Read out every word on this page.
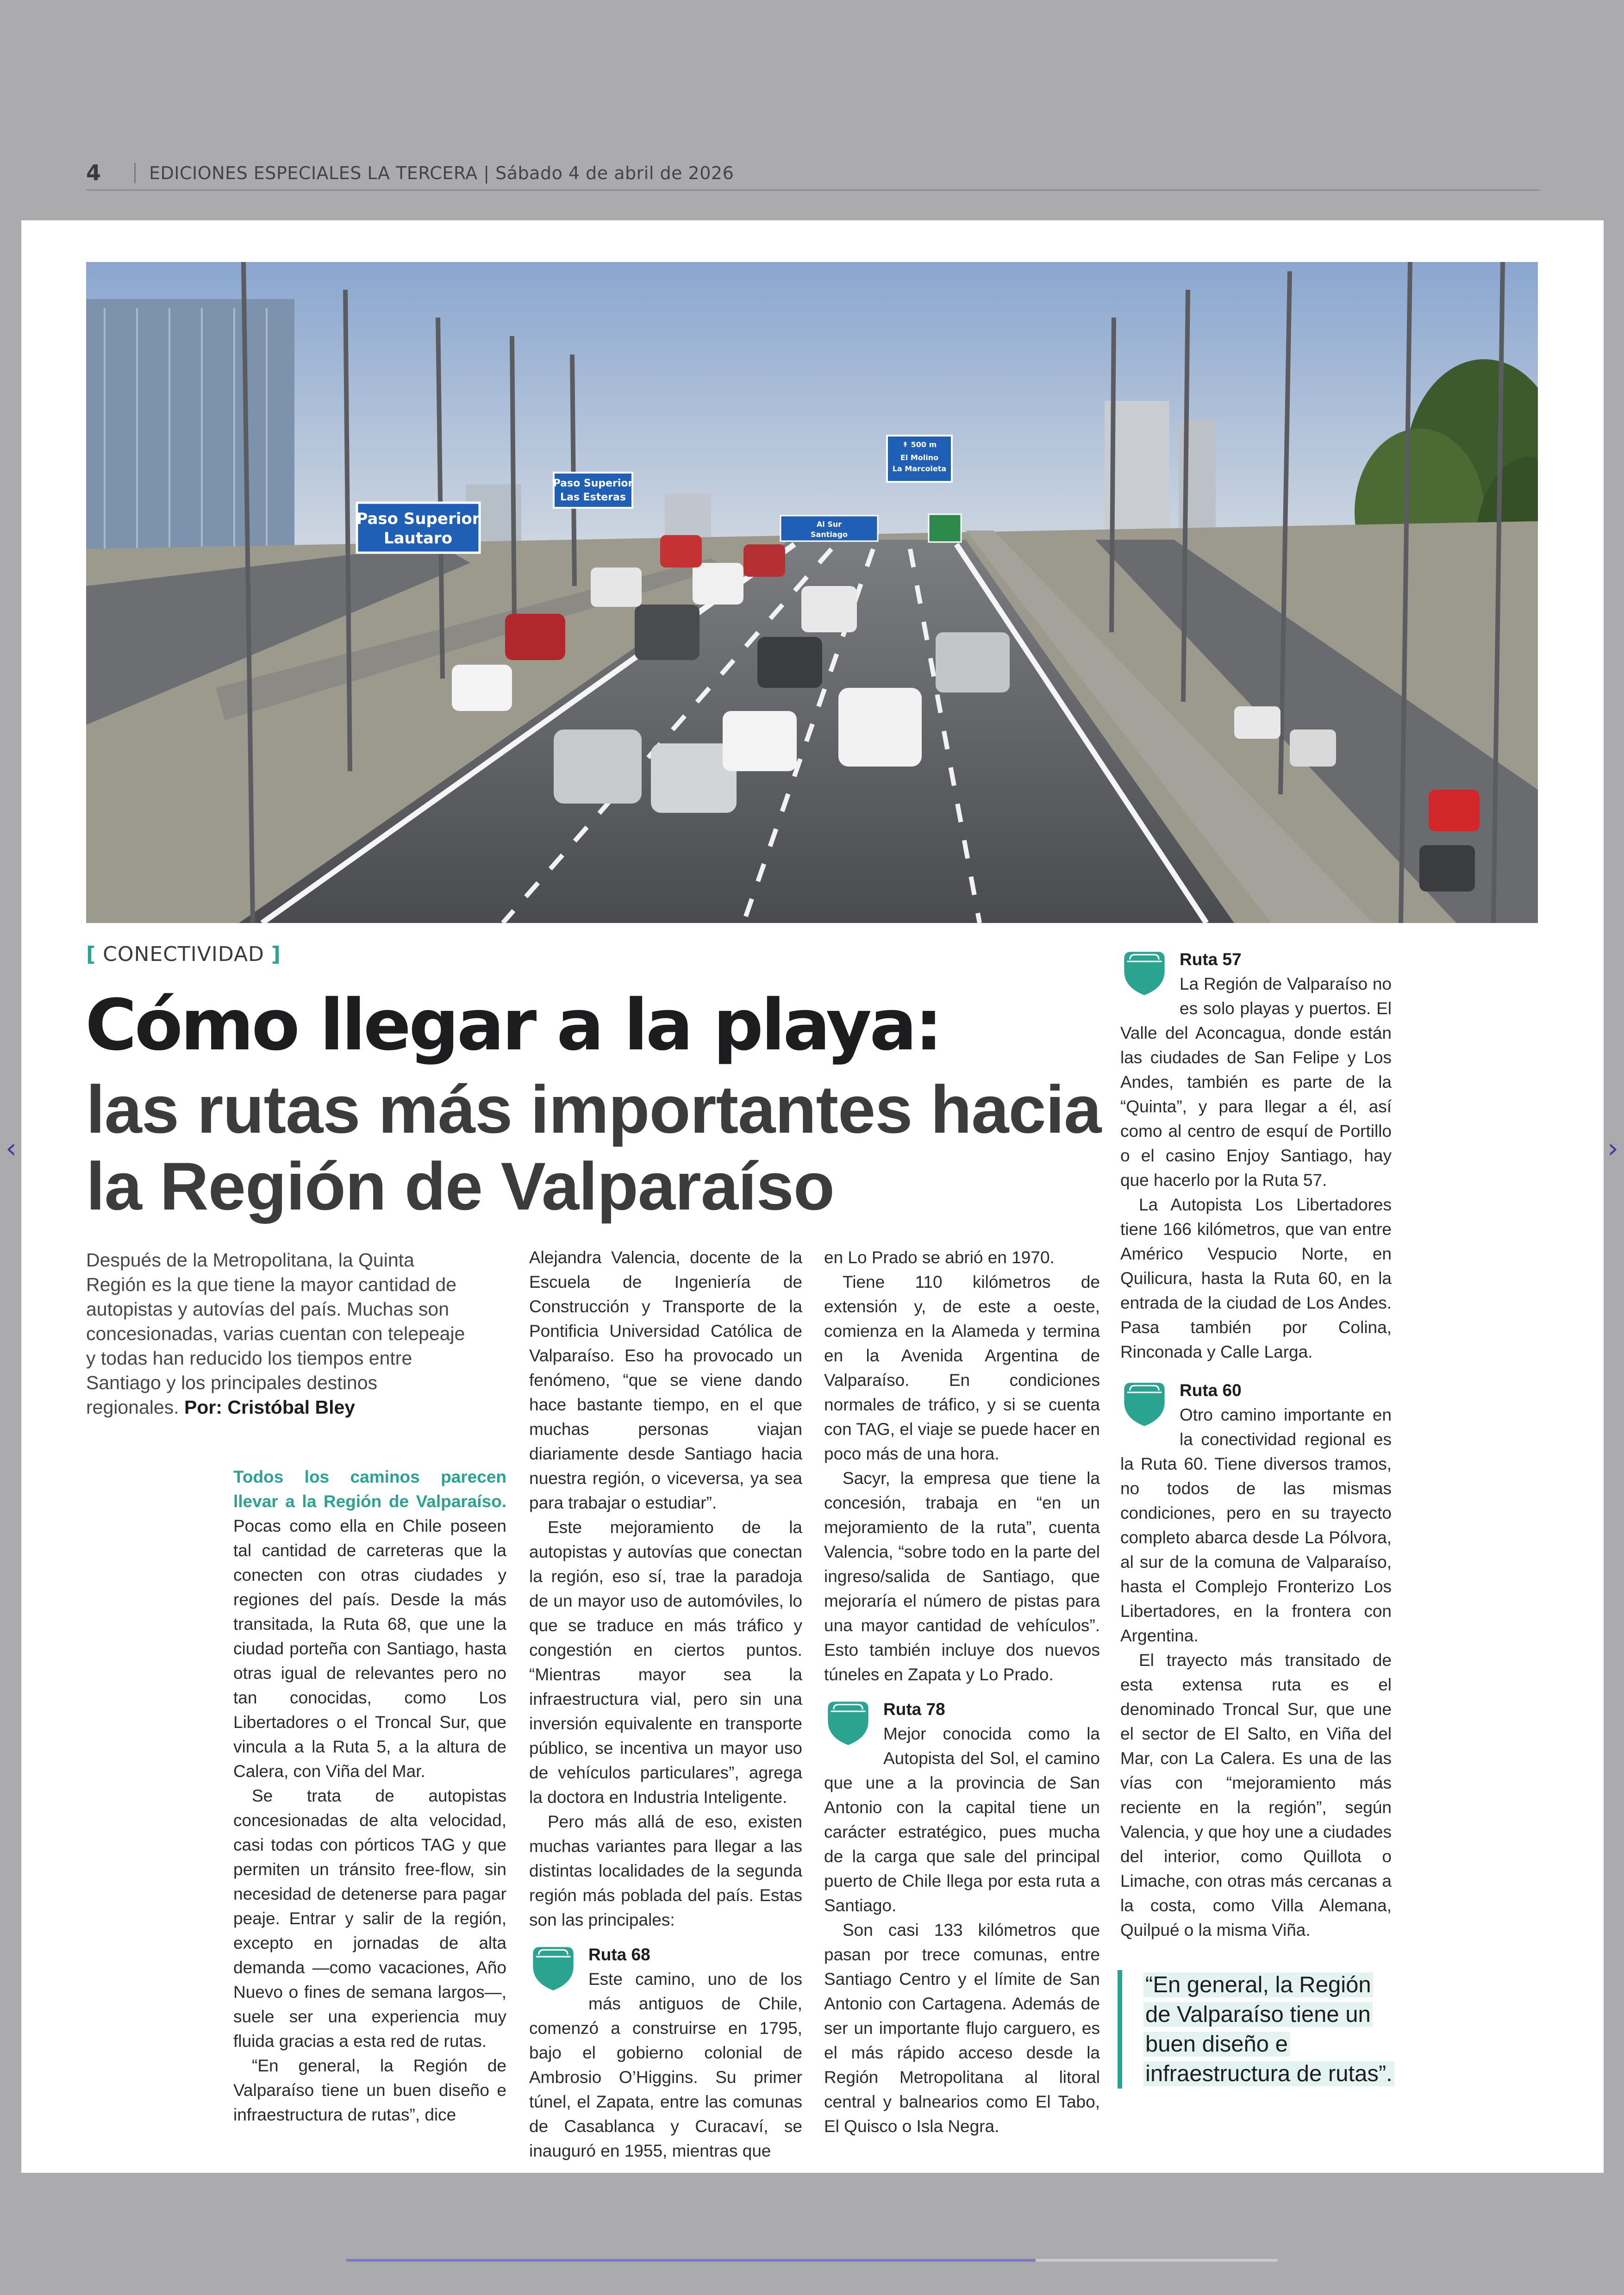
4	EDICIONES ESPECIALES LA TERCERA | Sábado 4 de abril de 2026
‹	›
Paso Superior
Lautaro
Paso Superior
Las Esteras
↟ 500 m
El Molino
La Marcoleta
Al Sur
Santiago
[ CONECTIVIDAD ]
Cómo llegar a la playa:
las rutas más importantes hacia la Región de Valparaíso
Después de la Metropolitana, la Quinta Región es la que tiene la mayor cantidad de autopistas y autovías del país. Muchas son concesionadas, varias cuentan con telepeaje y todas han reducido los tiempos entre Santiago y los principales destinos regionales. Por: Cristóbal Bley

Todos los caminos parecen llevar a la Región de Valparaíso. Pocas como ella en Chile poseen tal cantidad de carreteras que la conecten con otras ciudades y regiones del país. Desde la más transitada, la Ruta 68, que une la ciudad porteña con Santiago, hasta otras igual de relevantes pero no tan conocidas, como Los Libertadores o el Troncal Sur, que vincula a la Ruta 5, a la altura de Calera, con Viña del Mar.

Se trata de autopistas concesionadas de alta velocidad, casi todas con pórticos TAG y que permiten un tránsito free-flow, sin necesidad de detenerse para pagar peaje. Entrar y salir de la región, excepto en jornadas de alta demanda —como vacaciones, Año Nuevo o fines de semana largos—, suele ser una experiencia muy fluida gracias a esta red de rutas.

“En general, la Región de Valparaíso tiene un buen diseño e infraestructura de rutas”, dice

Alejandra Valencia, docente de la Escuela de Ingeniería de Construcción y Transporte de la Pontificia Universidad Católica de Valparaíso. Eso ha provocado un fenómeno, “que se viene dando hace bastante tiempo, en el que muchas personas viajan diariamente desde Santiago hacia nuestra región, o viceversa, ya sea para trabajar o estudiar”.

Este mejoramiento de la autopistas y autovías que conectan la región, eso sí, trae la paradoja de un mayor uso de automóviles, lo que se traduce en más tráfico y congestión en ciertos puntos. “Mientras mayor sea la infraestructura vial, pero sin una inversión equivalente en transporte público, se incentiva un mayor uso de vehículos particulares”, agrega la doctora en Industria Inteligente.

Pero más allá de eso, existen muchas variantes para llegar a las distintas localidades de la segunda región más poblada del país. Estas son las principales:

Ruta 68
Este camino, uno de los más antiguos de Chile, comenzó a construirse en 1795, bajo el gobierno colonial de Ambrosio O’Higgins. Su primer túnel, el Zapata, entre las comunas de Casablanca y Curacaví, se inauguró en 1955, mientras que

en Lo Prado se abrió en 1970.

Tiene 110 kilómetros de extensión y, de este a oeste, comienza en la Alameda y termina en la Avenida Argentina de Valparaíso. En condiciones normales de tráfico, y si se cuenta con TAG, el viaje se puede hacer en poco más de una hora.

Sacyr, la empresa que tiene la concesión, trabaja en “en un mejoramiento de la ruta”, cuenta Valencia, “sobre todo en la parte del ingreso/salida de Santiago, que mejoraría el número de pistas para una mayor cantidad de vehículos”. Esto también incluye dos nuevos túneles en Zapata y Lo Prado.

Ruta 78
Mejor conocida como la Autopista del Sol, el camino que une a la provincia de San Antonio con la capital tiene un carácter estratégico, pues mucha de la carga que sale del principal puerto de Chile llega por esta ruta a Santiago.

Son casi 133 kilómetros que pasan por trece comunas, entre Santiago Centro y el límite de San Antonio con Cartagena. Además de ser un importante flujo carguero, es el más rápido acceso desde la Región Metropolitana al litoral central y balnearios como El Tabo, El Quisco o Isla Negra.

Ruta 57
La Región de Valparaíso no es solo playas y puertos. El Valle del Aconcagua, donde están las ciudades de San Felipe y Los Andes, también es parte de la “Quinta”, y para llegar a él, así como al centro de esquí de Portillo o el casino Enjoy Santiago, hay que hacerlo por la Ruta 57.

La Autopista Los Libertadores tiene 166 kilómetros, que van entre Américo Vespucio Norte, en Quilicura, hasta la Ruta 60, en la entrada de la ciudad de Los Andes. Pasa también por Colina, Rinconada y Calle Larga.

Ruta 60
Otro camino importante en la conectividad regional es la Ruta 60. Tiene diversos tramos, no todos de las mismas condiciones, pero en su trayecto completo abarca desde La Pólvora, al sur de la comuna de Valparaíso, hasta el Complejo Fronterizo Los Libertadores, en la frontera con Argentina.

El trayecto más transitado de esta extensa ruta es el denominado Troncal Sur, que une el sector de El Salto, en Viña del Mar, con La Calera. Es una de las vías con “mejoramiento más reciente en la región”, según Valencia, y que hoy une a ciudades del interior, como Quillota o Limache, con otras más cercanas a la costa, como Villa Alemana, Quilpué o la misma Viña.

“En general, la Región de Valparaíso tiene un buen diseño e infraestructura de rutas”.
